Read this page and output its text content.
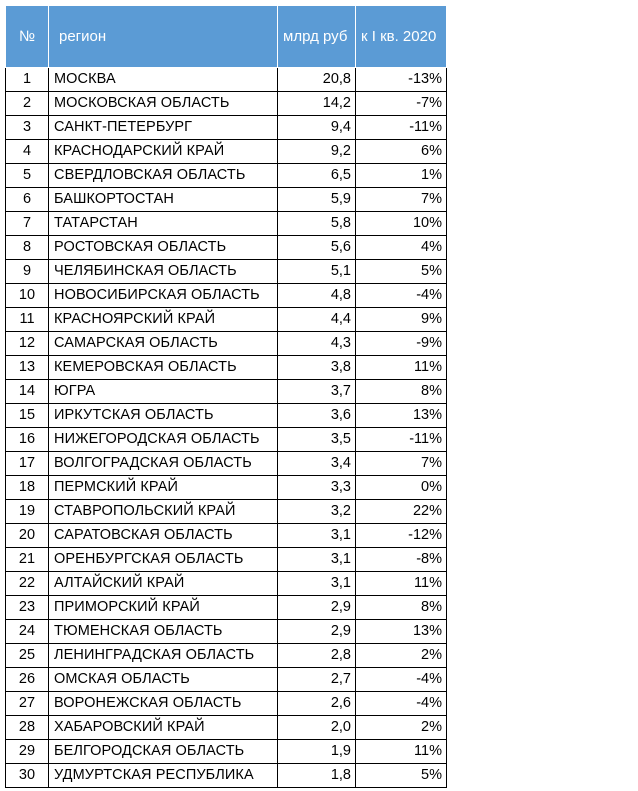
№	регион	млрд руб	к I кв. 2020
1	МОСКВА	20,8	-13%
2	МОСКОВСКАЯ ОБЛАСТЬ	14,2	-7%
3	САНКТ-ПЕТЕРБУРГ	9,4	-11%
4	КРАСНОДАРСКИЙ КРАЙ	9,2	6%
5	СВЕРДЛОВСКАЯ ОБЛАСТЬ	6,5	1%
6	БАШКОРТОСТАН	5,9	7%
7	ТАТАРСТАН	5,8	10%
8	РОСТОВСКАЯ ОБЛАСТЬ	5,6	4%
9	ЧЕЛЯБИНСКАЯ ОБЛАСТЬ	5,1	5%
10	НОВОСИБИРСКАЯ ОБЛАСТЬ	4,8	-4%
11	КРАСНОЯРСКИЙ КРАЙ	4,4	9%
12	САМАРСКАЯ ОБЛАСТЬ	4,3	-9%
13	КЕМЕРОВСКАЯ ОБЛАСТЬ	3,8	11%
14	ЮГРА	3,7	8%
15	ИРКУТСКАЯ ОБЛАСТЬ	3,6	13%
16	НИЖЕГОРОДСКАЯ ОБЛАСТЬ	3,5	-11%
17	ВОЛГОГРАДСКАЯ ОБЛАСТЬ	3,4	7%
18	ПЕРМСКИЙ КРАЙ	3,3	0%
19	СТАВРОПОЛЬСКИЙ КРАЙ	3,2	22%
20	САРАТОВСКАЯ ОБЛАСТЬ	3,1	-12%
21	ОРЕНБУРГСКАЯ ОБЛАСТЬ	3,1	-8%
22	АЛТАЙСКИЙ КРАЙ	3,1	11%
23	ПРИМОРСКИЙ КРАЙ	2,9	8%
24	ТЮМЕНСКАЯ ОБЛАСТЬ	2,9	13%
25	ЛЕНИНГРАДСКАЯ ОБЛАСТЬ	2,8	2%
26	ОМСКАЯ ОБЛАСТЬ	2,7	-4%
27	ВОРОНЕЖСКАЯ ОБЛАСТЬ	2,6	-4%
28	ХАБАРОВСКИЙ КРАЙ	2,0	2%
29	БЕЛГОРОДСКАЯ ОБЛАСТЬ	1,9	11%
30	УДМУРТСКАЯ РЕСПУБЛИКА	1,8	5%
